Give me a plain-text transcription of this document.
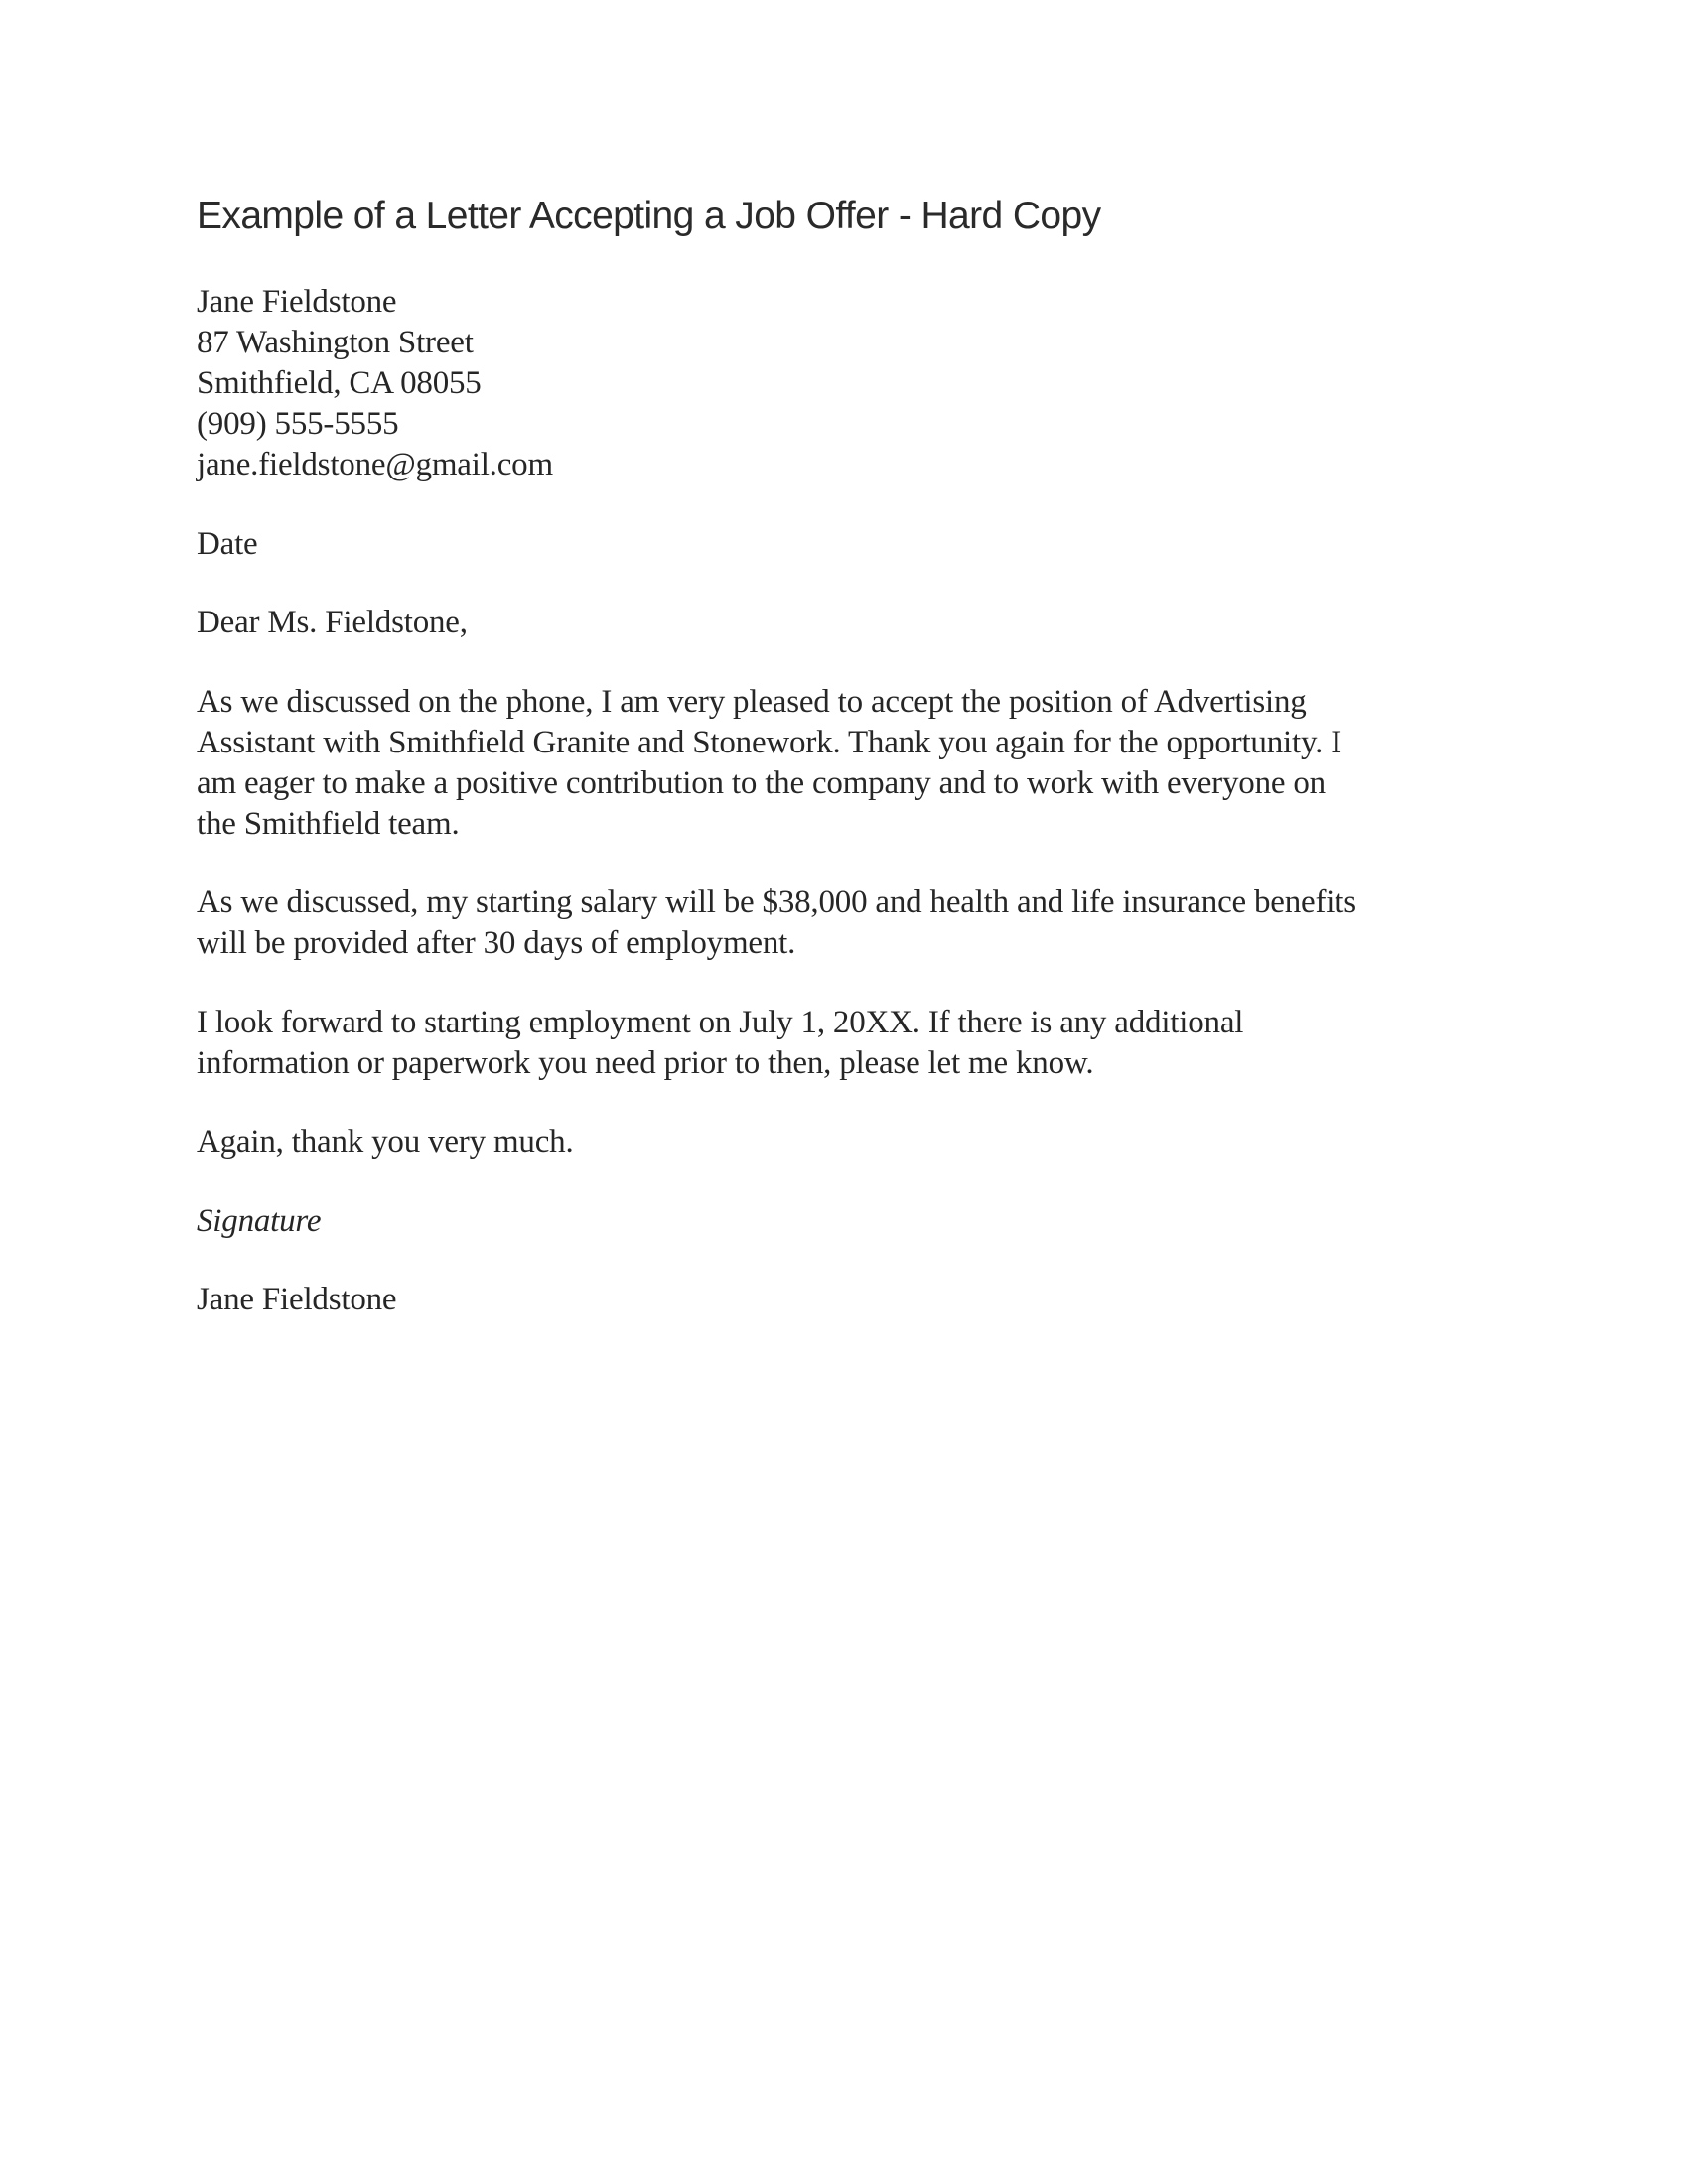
Example of a Letter Accepting a Job Offer - Hard Copy
Jane Fieldstone
87 Washington Street
Smithfield, CA 08055
(909) 555-5555
jane.fieldstone@gmail.com
Date
Dear Ms. Fieldstone,
As we discussed on the phone, I am very pleased to accept the position of Advertising
Assistant with Smithfield Granite and Stonework. Thank you again for the opportunity. I
am eager to make a positive contribution to the company and to work with everyone on
the Smithfield team.
As we discussed, my starting salary will be $38,000 and health and life insurance benefits
will be provided after 30 days of employment.
I look forward to starting employment on July 1, 20XX. If there is any additional
information or paperwork you need prior to then, please let me know.
Again, thank you very much.
Signature
Jane Fieldstone
